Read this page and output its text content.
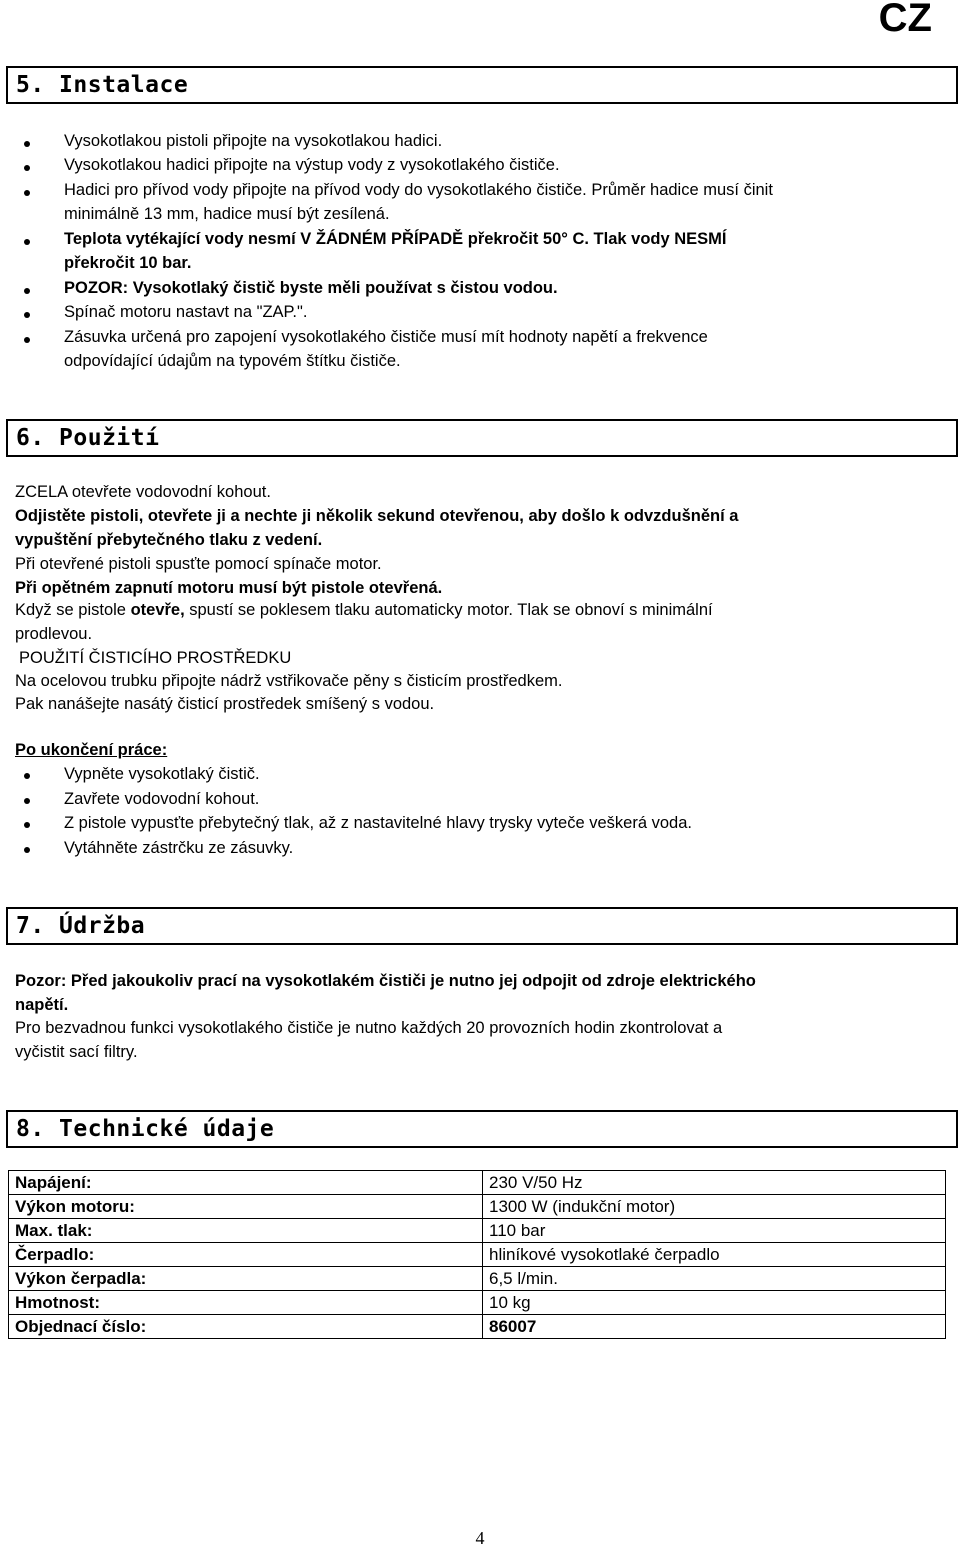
CZ
5. Instalace
Vysokotlakou pistoli připojte na vysokotlakou hadici.
Vysokotlakou hadici připojte na výstup vody z vysokotlakého čističe.
Hadici pro přívod vody připojte na přívod vody do vysokotlakého čističe. Průměr hadice musí činit
minimálně 13 mm, hadice musí být zesílená.
Teplota vytékající vody nesmí V ŽÁDNÉM PŘÍPADĚ překročit 50° C. Tlak vody NESMÍ
překročit 10 bar.
POZOR: Vysokotlaký čistič byste měli používat s čistou vodou.
Spínač motoru nastavt na "ZAP.".
Zásuvka určená pro zapojení vysokotlakého čističe musí mít hodnoty napětí a frekvence
odpovídající údajům na typovém štítku čističe.
6. Použití
ZCELA otevřete vodovodní kohout.
Odjistěte pistoli, otevřete ji a nechte ji několik sekund otevřenou, aby došlo k odvzdušnění a
vypuštění přebytečného tlaku z vedení.
Při otevřené pistoli spusťte pomocí spínače motor.
Při opětném zapnutí motoru musí být pistole otevřená.
Když se pistole otevře, spustí se poklesem tlaku automaticky motor. Tlak se obnoví s minimální
prodlevou.
POUŽITÍ ČISTICÍHO PROSTŘEDKU
Na ocelovou trubku připojte nádrž vstřikovače pěny s čisticím prostředkem.
Pak nanášejte nasátý čisticí prostředek smíšený s vodou.
Po ukončení práce:
Vypněte vysokotlaký čistič.
Zavřete vodovodní kohout.
Z pistole vypusťte přebytečný tlak, až z nastavitelné hlavy trysky vyteče veškerá voda.
Vytáhněte zástrčku ze zásuvky.
7. Údržba
Pozor: Před jakoukoliv prací na vysokotlakém čističi je nutno jej odpojit od zdroje elektrického
napětí.
Pro bezvadnou funkci vysokotlakého čističe je nutno každých 20 provozních hodin zkontrolovat a
vyčistit sací filtry.
8. Technické údaje
Napájení:	230 V/50 Hz
Výkon motoru:	1300 W (indukční motor)
Max. tlak:	110 bar
Čerpadlo:	hliníkové vysokotlaké čerpadlo
Výkon čerpadla:	6,5 l/min.
Hmotnost:	10 kg
Objednací číslo:	86007
4
